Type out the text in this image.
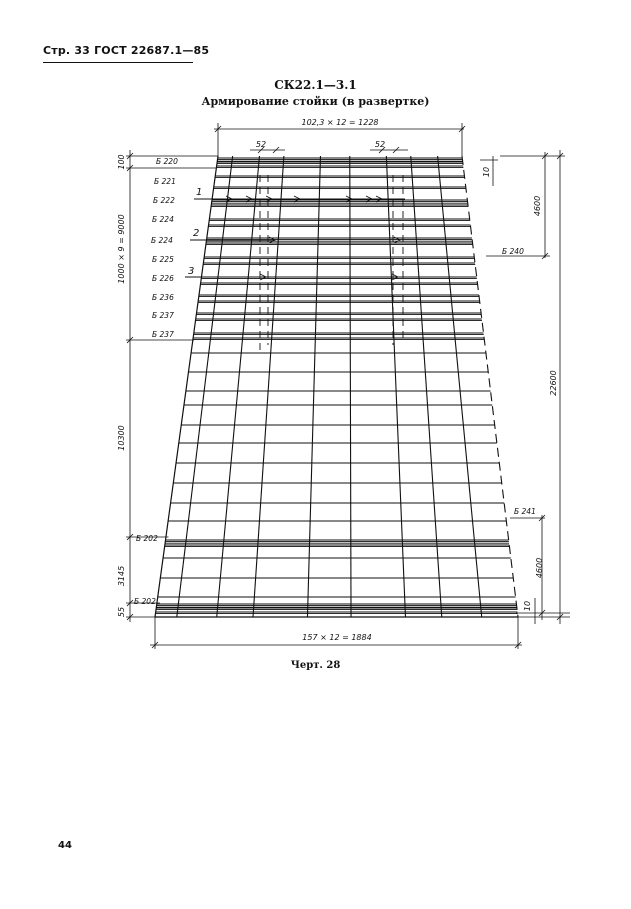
Стр. 33 ГОСТ 22687.1—85
СК22.1—3.1
Армирование стойки (в развертке)
102,3 × 12 = 1228
52	52
157 × 12 = 1884
1000 × 9 = 9000
10300
3145
100
55
10
4600
22600
4600
10
Б 220
Б 221
Б 222
Б 224
Б 224
Б 225
Б 226
Б 236
Б 237
Б 237
Б 202
Б 202
Б 240
Б 241
1
2
3
Черт. 28
44
